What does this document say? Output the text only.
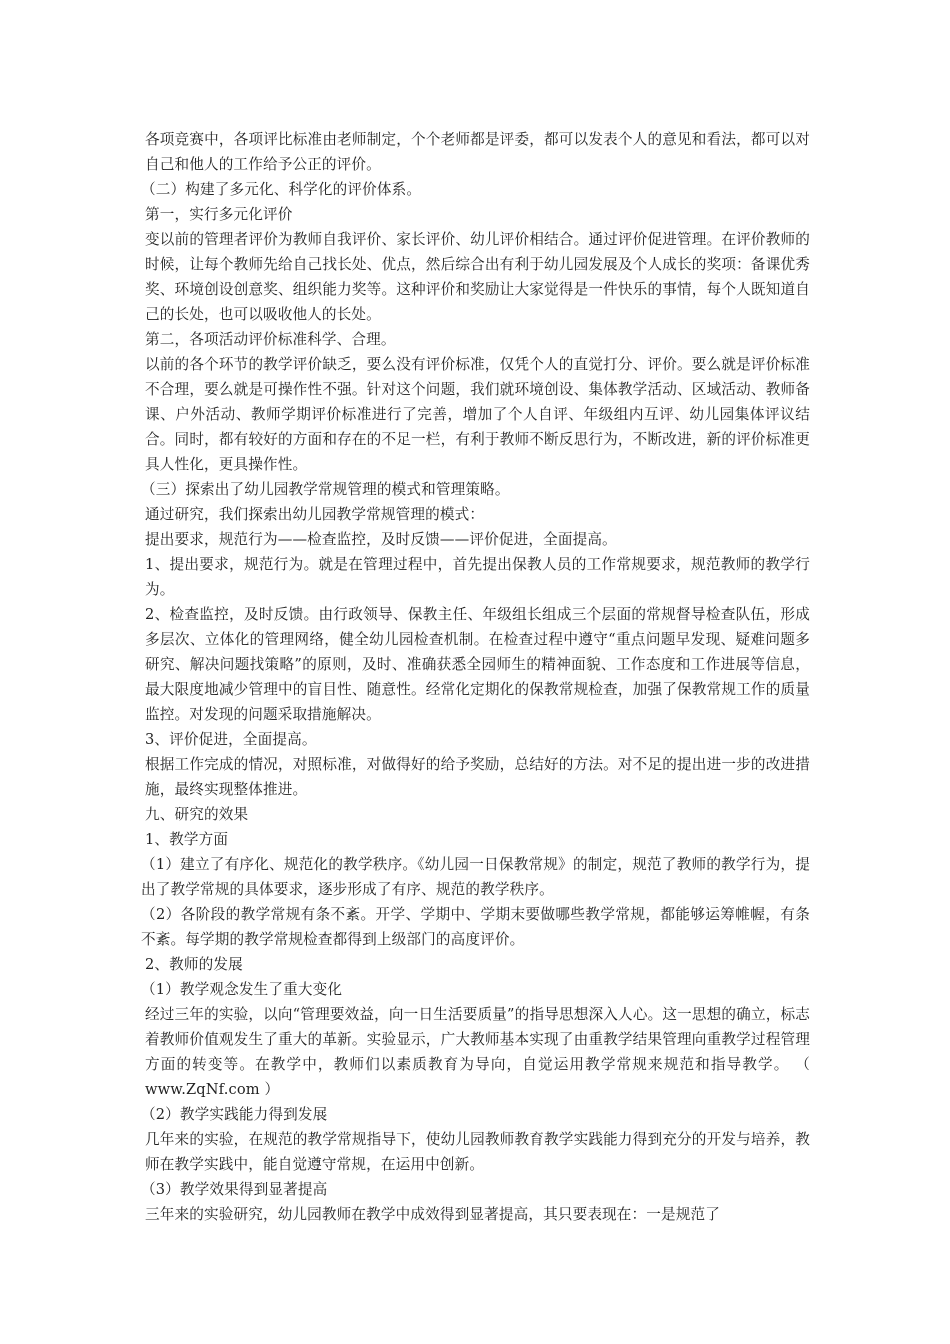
各项竞赛中，各项评比标准由老师制定，个个老师都是评委，都可以发表个人的意见和看法，都可以对自己和他人的工作给予公正的评价。

（二）构建了多元化、科学化的评价体系。

第一，实行多元化评价

变以前的管理者评价为教师自我评价、家长评价、幼儿评价相结合。通过评价促进管理。在评价教师的时候，让每个教师先给自己找长处、优点，然后综合出有利于幼儿园发展及个人成长的奖项：备课优秀奖、环境创设创意奖、组织能力奖等。这种评价和奖励让大家觉得是一件快乐的事情，每个人既知道自己的长处，也可以吸收他人的长处。

第二，各项活动评价标准科学、合理。

以前的各个环节的教学评价缺乏，要么没有评价标准，仅凭个人的直觉打分、评价。要么就是评价标准不合理，要么就是可操作性不强。针对这个问题，我们就环境创设、集体教学活动、区域活动、教师备课、户外活动、教师学期评价标准进行了完善，增加了个人自评、年级组内互评、幼儿园集体评议结合。同时，都有较好的方面和存在的不足一栏，有利于教师不断反思行为，不断改进，新的评价标准更具人性化，更具操作性。

（三）探索出了幼儿园教学常规管理的模式和管理策略。

通过研究，我们探索出幼儿园教学常规管理的模式：

提出要求，规范行为——检查监控，及时反馈——评价促进，全面提高。

1、提出要求，规范行为。就是在管理过程中，首先提出保教人员的工作常规要求，规范教师的教学行为。

2、检查监控，及时反馈。由行政领导、保教主任、年级组长组成三个层面的常规督导检查队伍，形成多层次、立体化的管理网络，健全幼儿园检查机制。在检查过程中遵守“重点问题早发现、疑难问题多研究、解决问题找策略”的原则，及时、准确获悉全园师生的精神面貌、工作态度和工作进展等信息，最大限度地减少管理中的盲目性、随意性。经常化定期化的保教常规检查，加强了保教常规工作的质量监控。对发现的问题采取措施解决。

3、评价促进，全面提高。

根据工作完成的情况，对照标准，对做得好的给予奖励，总结好的方法。对不足的提出进一步的改进措施，最终实现整体推进。

九、研究的效果

1、教学方面

（1）建立了有序化、规范化的教学秩序。《幼儿园一日保教常规》的制定，规范了教师的教学行为，提出了教学常规的具体要求，逐步形成了有序、规范的教学秩序。

（2）各阶段的教学常规有条不紊。开学、学期中、学期末要做哪些教学常规，都能够运筹帷幄，有条不紊。每学期的教学常规检查都得到上级部门的高度评价。

2、教师的发展

（1）教学观念发生了重大变化

经过三年的实验，以向“管理要效益，向一日生活要质量”的指导思想深入人心。这一思想的确立，标志着教师价值观发生了重大的革新。实验显示，广大教师基本实现了由重教学结果管理向重教学过程管理方面的转变等。在教学中，教师们以素质教育为导向，自觉运用教学常规来规范和指导教学。 （ www.ZqNf.com ）

（2）教学实践能力得到发展

几年来的实验，在规范的教学常规指导下，使幼儿园教师教育教学实践能力得到充分的开发与培养，教师在教学实践中，能自觉遵守常规，在运用中创新。

（3）教学效果得到显著提高

三年来的实验研究，幼儿园教师在教学中成效得到显著提高，其只要表现在：一是规范了
